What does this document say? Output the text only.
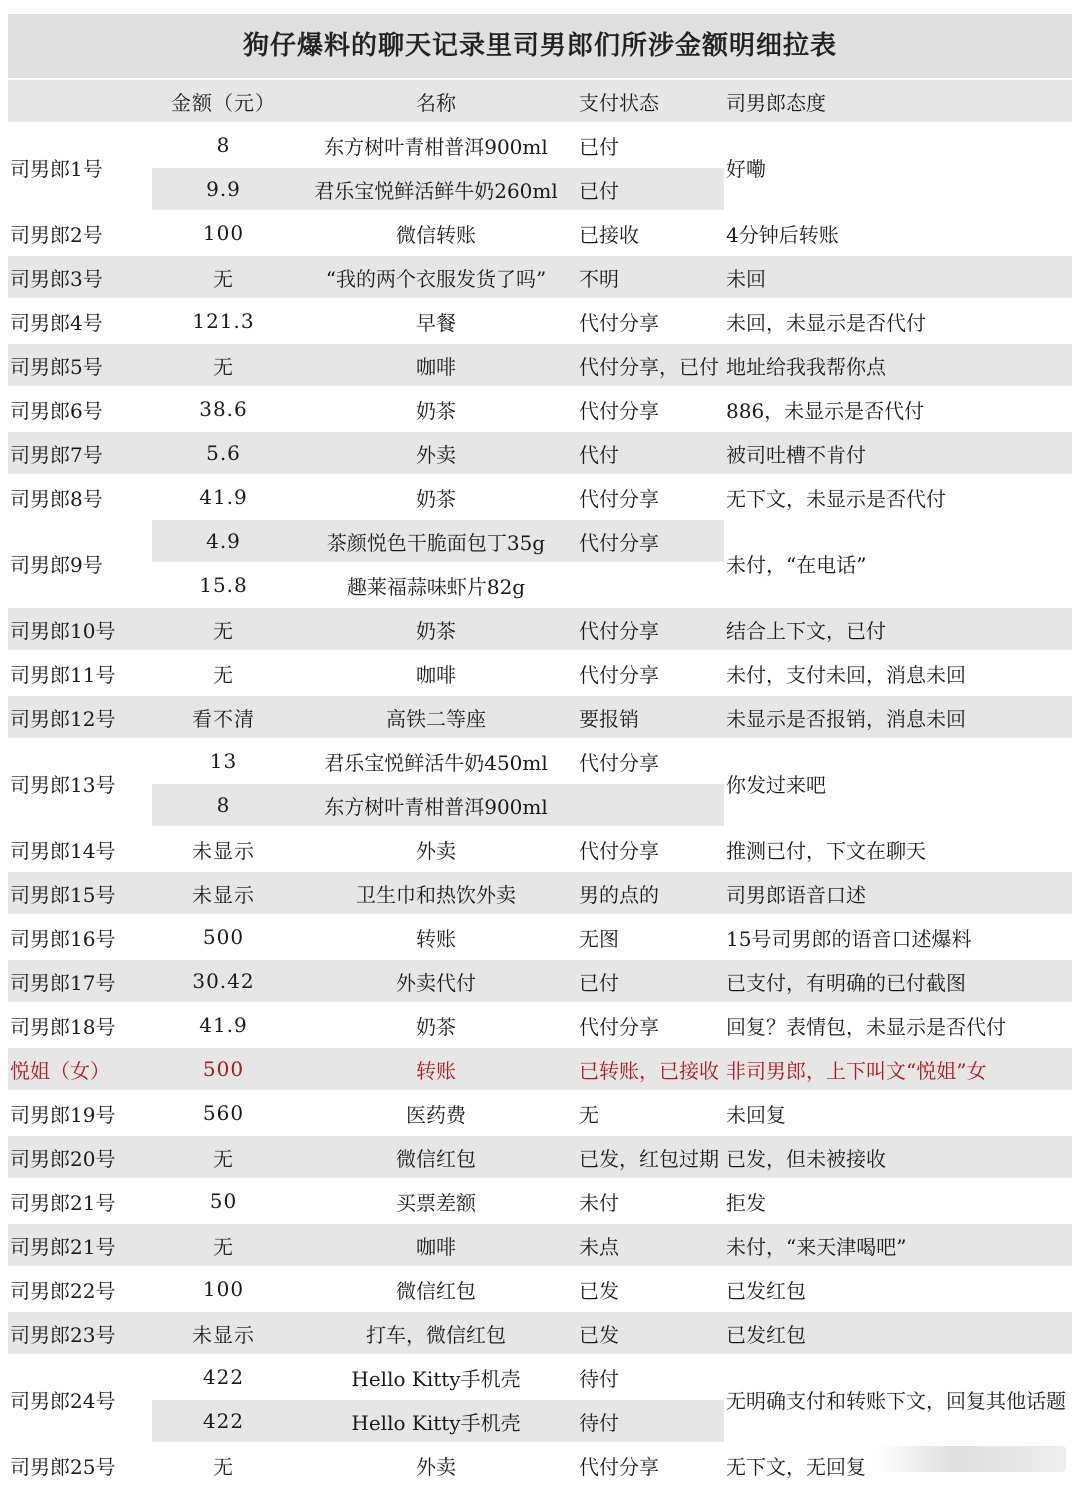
狗仔爆料的聊天记录里司男郎们所涉金额明细拉表
	金额（元）	名称	支付状态	司男郎态度
司男郎1号	8	东方树叶青柑普洱900ml	已付	好嘞
	9.9	君乐宝悦鲜活鲜牛奶260ml	已付	
司男郎2号	100	微信转账	已接收	4分钟后转账
司男郎3号	无	“我的两个衣服发货了吗”	不明	未回
司男郎4号	121.3	早餐	代付分享	未回，未显示是否代付
司男郎5号	无	咖啡	代付分享，已付	地址给我我帮你点
司男郎6号	38.6	奶茶	代付分享	886，未显示是否代付
司男郎7号	5.6	外卖	代付	被司吐槽不肯付
司男郎8号	41.9	奶茶	代付分享	无下文，未显示是否代付
司男郎9号	4.9	茶颜悦色干脆面包丁35g	代付分享	未付，“在电话”
	15.8	趣莱福蒜味虾片82g		
司男郎10号	无	奶茶	代付分享	结合上下文，已付
司男郎11号	无	咖啡	代付分享	未付，支付未回，消息未回
司男郎12号	看不清	高铁二等座	要报销	未显示是否报销，消息未回
司男郎13号	13	君乐宝悦鲜活牛奶450ml	代付分享	你发过来吧
	8	东方树叶青柑普洱900ml		
司男郎14号	未显示	外卖	代付分享	推测已付，下文在聊天
司男郎15号	未显示	卫生巾和热饮外卖	男的点的	司男郎语音口述
司男郎16号	500	转账	无图	15号司男郎的语音口述爆料
司男郎17号	30.42	外卖代付	已付	已支付，有明确的已付截图
司男郎18号	41.9	奶茶	代付分享	回复？表情包，未显示是否代付
悦姐（女）	500	转账	已转账，已接收	非司男郎，上下叫文“悦姐”女
司男郎19号	560	医药费	无	未回复
司男郎20号	无	微信红包	已发，红包过期	已发，但未被接收
司男郎21号	50	买票差额	未付	拒发
司男郎21号	无	咖啡	未点	未付，“来天津喝吧”
司男郎22号	100	微信红包	已发	已发红包
司男郎23号	未显示	打车，微信红包	已发	已发红包
司男郎24号	422	Hello Kitty手机壳	待付	无明确支付和转账下文，回复其他话题
	422	Hello Kitty手机壳	待付	
司男郎25号	无	外卖	代付分享	无下文，无回复
